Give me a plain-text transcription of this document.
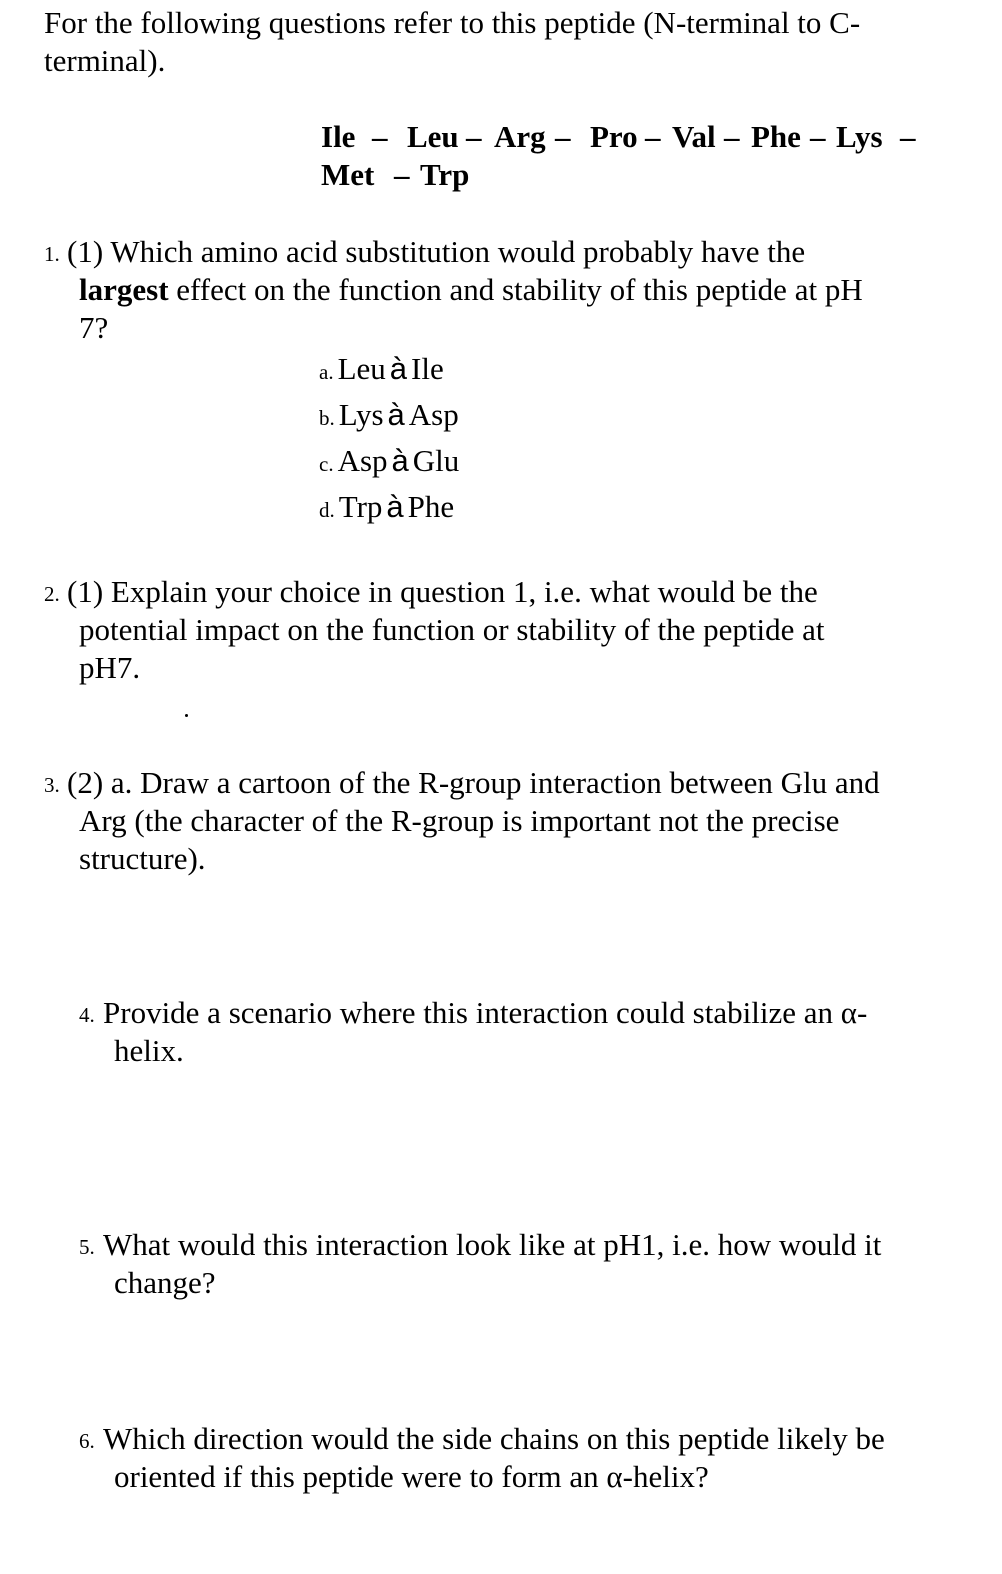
For the following questions refer to this peptide (N-terminal to C-
terminal).
Ile – Leu – Arg – Pro – Val – Phe – Lys –
Met – Trp
1. (1) Which amino acid substitution would probably have the
largest effect on the function and stability of this peptide at pH
7?
a. Leu à Ile
b. Lys à Asp
c. Asp à Glu
d. Trp à Phe
2. (1) Explain your choice in question 1, i.e. what would be the
potential impact on the function or stability of the peptide at
pH7.
3. (2) a. Draw a cartoon of the R-group interaction between Glu and
Arg (the character of the R-group is important not the precise
structure).
4. Provide a scenario where this interaction could stabilize an α-
helix.
5. What would this interaction look like at pH1, i.e. how would it
change?
6. Which direction would the side chains on this peptide likely be
oriented if this peptide were to form an α-helix?
